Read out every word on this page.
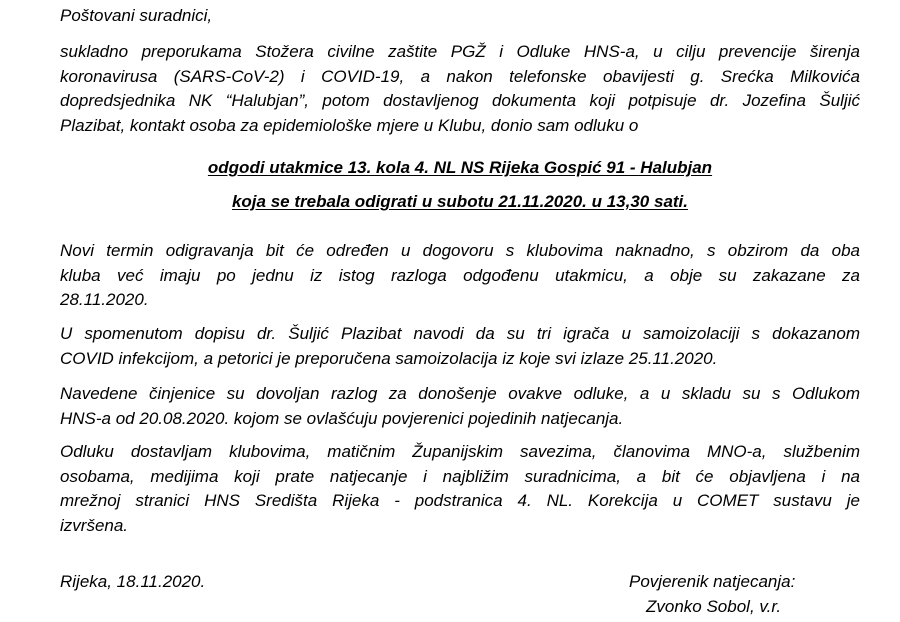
Poštovani suradnici,
sukladno preporukama Stožera civilne zaštite PGŽ i Odluke HNS-a, u cilju prevencije širenja
koronavirusa (SARS-CoV-2) i COVID-19, a nakon telefonske obavijesti g. Srećka Milkovića
dopredsjednika NK “Halubjan”, potom dostavljenog dokumenta koji potpisuje dr. Jozefina Šuljić
Plazibat, kontakt osoba za epidemiološke mjere u Klubu, donio sam odluku o
odgodi utakmice 13. kola 4. NL NS Rijeka Gospić 91 - Halubjan
koja se trebala odigrati u subotu 21.11.2020. u 13,30 sati.
Novi termin odigravanja bit će određen u dogovoru s klubovima naknadno, s obzirom da oba
kluba već imaju po jednu iz istog razloga odgođenu utakmicu, a obje su zakazane za
28.11.2020.
U spomenutom dopisu dr. Šuljić Plazibat navodi da su tri igrača u samoizolaciji s dokazanom
COVID infekcijom, a petorici je preporučena samoizolacija iz koje svi izlaze 25.11.2020.
Navedene činjenice su dovoljan razlog za donošenje ovakve odluke, a u skladu su s Odlukom
HNS-a od 20.08.2020. kojom se ovlašćuju povjerenici pojedinih natjecanja.
Odluku dostavljam klubovima, matičnim Županijskim savezima, članovima MNO-a, službenim
osobama, medijima koji prate natjecanje i najbližim suradnicima, a bit će objavljena i na
mrežnoj stranici HNS Središta Rijeka - podstranica 4. NL. Korekcija u COMET sustavu je
izvršena.
Rijeka, 18.11.2020.	Povjerenik natjecanja:
Zvonko Sobol, v.r.
